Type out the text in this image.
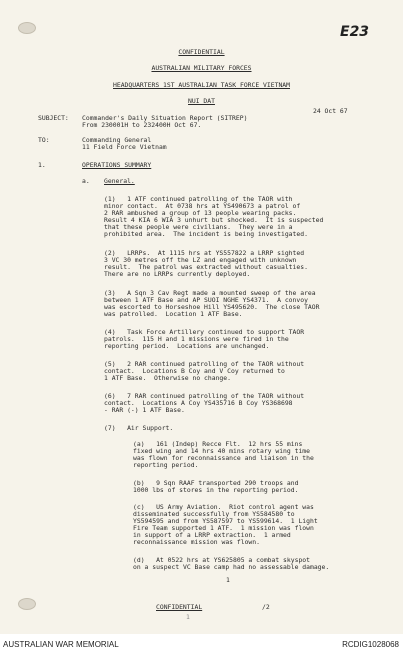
E23
CONFIDENTIAL
AUSTRALIAN MILITARY FORCES
HEADQUARTERS 1ST AUSTRALIAN TASK FORCE VIETNAM
NUI DAT
24 Oct 67
SUBJECT: Commander's Daily Situation Report (SITREP)
From 230001H to 232400H Oct 67.
TO:	Commanding General
11 Field Force Vietnam
1.	OPERATIONS SUMMARY
a. General.
(1)   1 ATF continued patrolling of the TAOR with
minor contact.  At 0738 hrs at YS490673 a patrol of
2 RAR ambushed a group of 13 people wearing packs.
Result 4 KIA 6 WIA 3 unhurt but shocked.  It is suspected
that these people were civilians.  They were in a
prohibited area.  The incident is being investigated.
(2)   LRRPs.  At 1115 hrs at YS557822 a LRRP sighted
3 VC 30 metres off the LZ and engaged with unknown
result.  The patrol was extracted without casualties.
There are no LRRPs currently deployed.
(3)   A Sqn 3 Cav Regt made a mounted sweep of the area
between 1 ATF Base and AP SUOI NGHE YS4371.  A convoy
was escorted to Horseshoe Hill YS495620.  The close TAOR
was patrolled.  Location 1 ATF Base.
(4)   Task Force Artillery continued to support TAOR
patrols.  115 H and 1 missions were fired in the
reporting period.  Locations are unchanged.
(5)   2 RAR continued patrolling of the TAOR without
contact.  Locations B Coy and V Coy returned to
1 ATF Base.  Otherwise no change.
(6)   7 RAR continued patrolling of the TAOR without
contact.  Locations A Coy YS435716 B Coy YS368698
- RAR (-) 1 ATF Base.
(7)   Air Support.
(a)   161 (Indep) Recce Flt.  12 hrs 55 mins
fixed wing and 14 hrs 40 mins rotary wing time
was flown for reconnaissance and liaison in the
reporting period.
(b)   9 Sqn RAAF transported 290 troops and
1000 lbs of stores in the reporting period.
(c)   US Army Aviation.  Riot control agent was
disseminated successfully from YS584580 to
YS594595 and from YS587597 to YS599614.  1 Light
Fire Team supported 1 ATF.  1 mission was flown
in support of a LRRP extraction.  1 armed
reconnaissance mission was flown.
(d)   At 0522 hrs at YS625805 a combat skyspot
on a suspect VC Base camp had no assessable damage.
1
CONFIDENTIAL	/2
1
AUSTRALIAN WAR MEMORIAL	RCDIG1028068
